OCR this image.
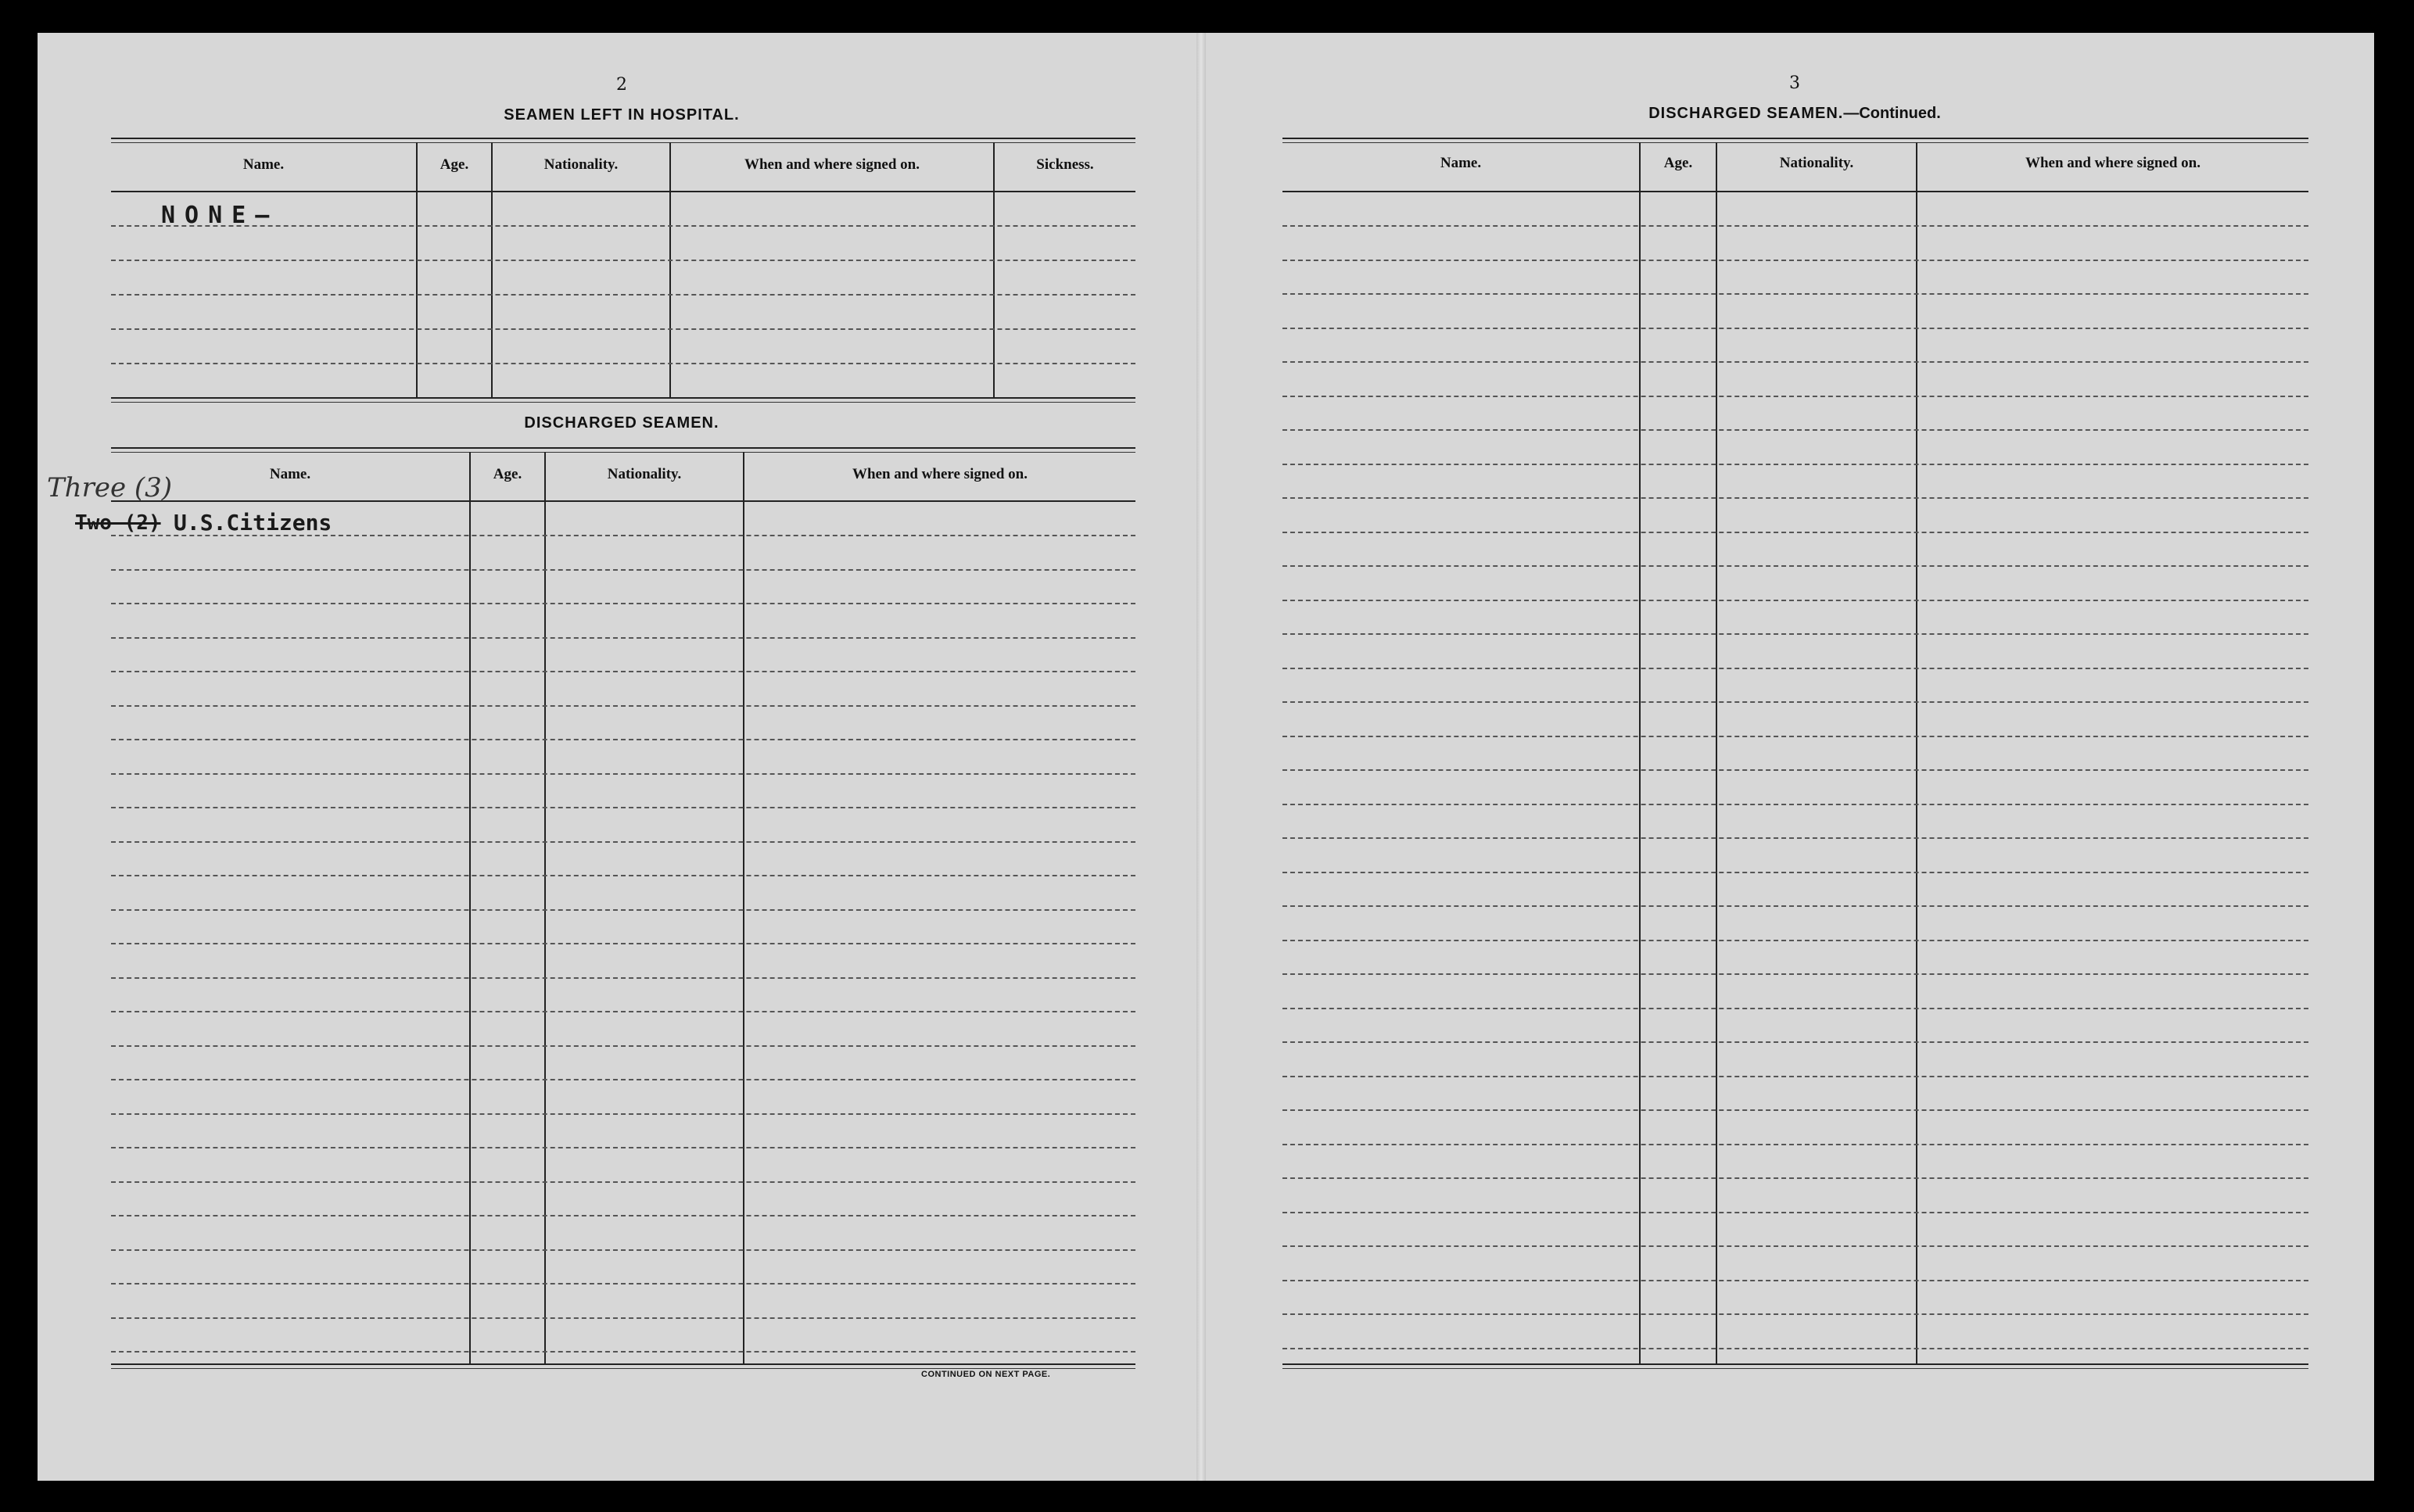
2
SEAMEN LEFT IN HOSPITAL.
Name.	Age.	Nationality.	When and where signed on.	Sickness.
NONE—
DISCHARGED SEAMEN.
Name.	Age.	Nationality.	When and where signed on.
Three (3)
Two (2) U.S.Citizens
CONTINUED ON NEXT PAGE.
3
DISCHARGED SEAMEN.—Continued.
Name.	Age.	Nationality.	When and where signed on.
